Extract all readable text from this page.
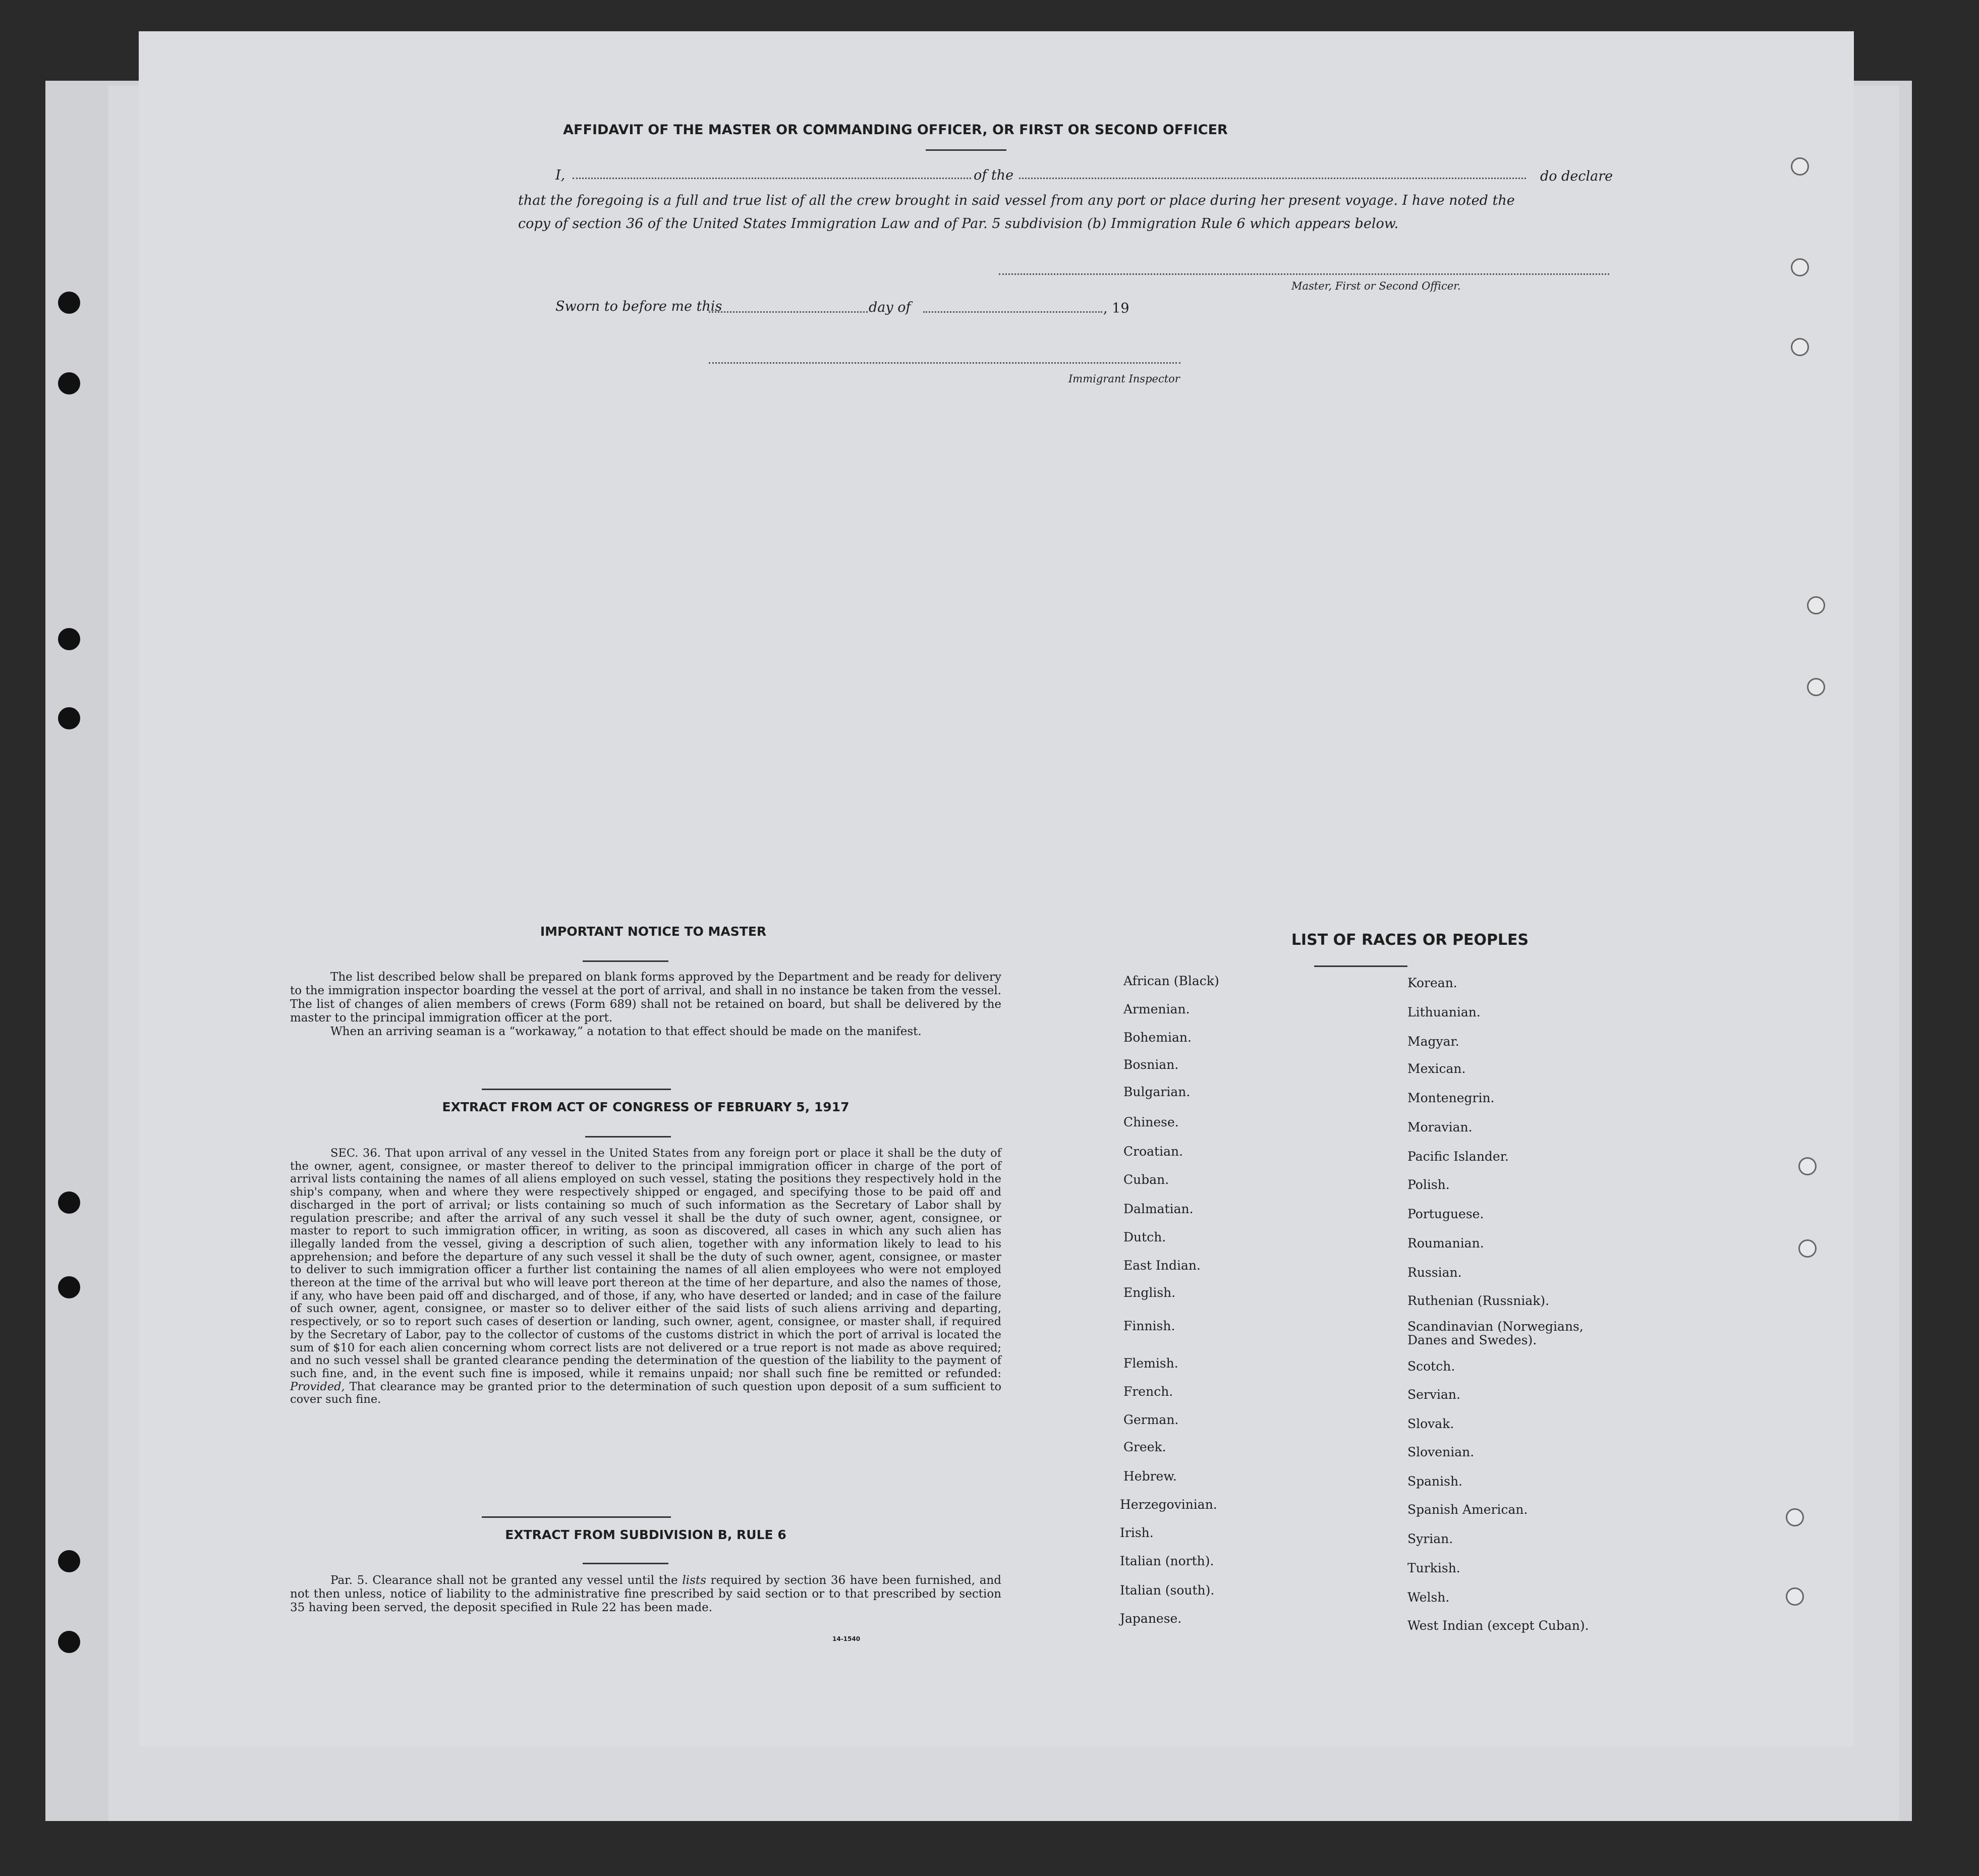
AFFIDAVIT OF THE MASTER OR COMMANDING OFFICER, OR FIRST OR SECOND OFFICER
I,	of the	do declare
that the foregoing is a full and true list of all the crew brought in said vessel from any port or place during her present voyage. I have noted the
copy of section 36 of the United States Immigration Law and of Par. 5 subdivision (b) Immigration Rule 6 which appears below.
Master, First or Second Officer.
Sworn to before me this	day of	, 19
Immigrant Inspector
IMPORTANT NOTICE TO MASTER

The list described below shall be prepared on blank forms approved by the Department and be ready for delivery to the immigration inspector boarding the vessel at the port of arrival, and shall in no instance be taken from the vessel. The list of changes of alien members of crews (Form 689) shall not be retained on board, but shall be delivered by the master to the principal immigration officer at the port.

When an arriving seaman is a “workaway,” a notation to that effect should be made on the manifest.

EXTRACT FROM ACT OF CONGRESS OF FEBRUARY 5, 1917

SEC. 36. That upon arrival of any vessel in the United States from any foreign port or place it shall be the duty of the owner, agent, consignee, or master thereof to deliver to the principal immigration officer in charge of the port of arrival lists containing the names of all aliens employed on such vessel, stating the positions they respectively hold in the ship's company, when and where they were respectively shipped or engaged, and specifying those to be paid off and discharged in the port of arrival; or lists containing so much of such information as the Secretary of Labor shall by regulation prescribe; and after the arrival of any such vessel it shall be the duty of such owner, agent, consignee, or master to report to such immigration officer, in writing, as soon as discovered, all cases in which any such alien has illegally landed from the vessel, giving a description of such alien, together with any information likely to lead to his apprehension; and before the departure of any such vessel it shall be the duty of such owner, agent, consignee, or master to deliver to such immigration officer a further list containing the names of all alien employees who were not employed thereon at the time of the arrival but who will leave port thereon at the time of her departure, and also the names of those, if any, who have been paid off and discharged, and of those, if any, who have deserted or landed; and in case of the failure of such owner, agent, consignee, or master so to deliver either of the said lists of such aliens arriving and departing, respectively, or so to report such cases of desertion or landing, such owner, agent, consignee, or master shall, if required by the Secretary of Labor, pay to the collector of customs of the customs district in which the port of arrival is located the sum of $10 for each alien concerning whom correct lists are not delivered or a true report is not made as above required; and no such vessel shall be granted clearance pending the determination of the question of the liability to the payment of such fine, and, in the event such fine is imposed, while it remains unpaid; nor shall such fine be remitted or refunded: Provided, That clearance may be granted prior to the determination of such question upon deposit of a sum sufficient to cover such fine.

EXTRACT FROM SUBDIVISION B, RULE 6

Par. 5. Clearance shall not be granted any vessel until the lists required by section 36 have been furnished, and not then unless, notice of liability to the administrative fine prescribed by said section or to that prescribed by section 35 having been served, the deposit specified in Rule 22 has been made.

14-1540
LIST OF RACES OR PEOPLES
African (Black)
Armenian.
Bohemian.
Bosnian.
Bulgarian.
Chinese.
Croatian.
Cuban.
Dalmatian.
Dutch.
East Indian.
English.
Finnish.
Flemish.
French.
German.
Greek.
Hebrew.
Herzegovinian.
Irish.
Italian (north).
Italian (south).
Japanese.
Korean.
Lithuanian.
Magyar.
Mexican.
Montenegrin.
Moravian.
Pacific Islander.
Polish.
Portuguese.
Roumanian.
Russian.
Ruthenian (Russniak).
Scandinavian (Norwegians, Danes and Swedes).
Scotch.
Servian.
Slovak.
Slovenian.
Spanish.
Spanish American.
Syrian.
Turkish.
Welsh.
West Indian (except Cuban).
